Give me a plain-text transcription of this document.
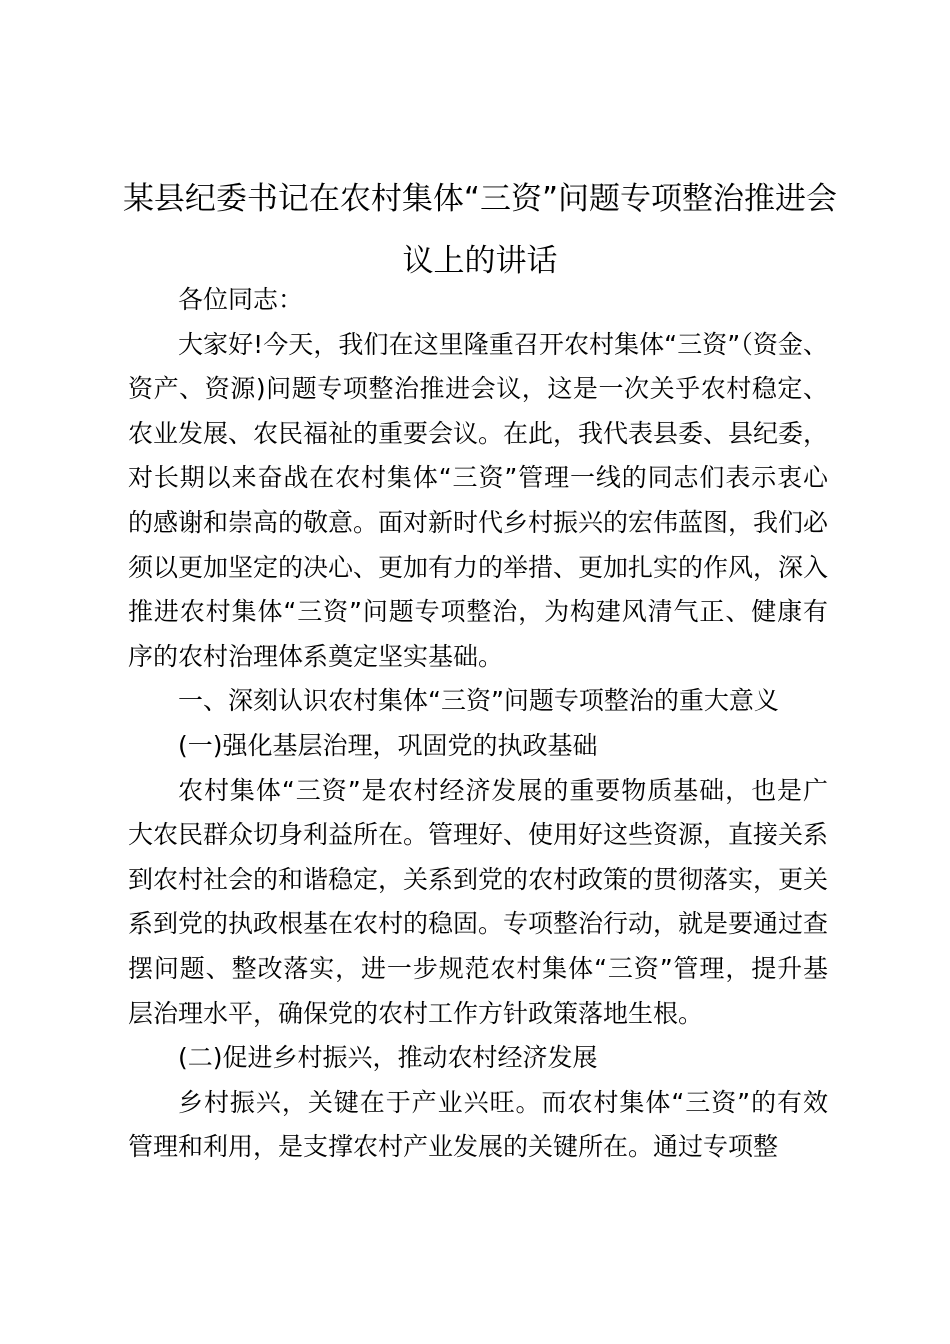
某县纪委书记在农村集体“三资”问题专项整治推进会议上的讲话

各位同志：

大家好!今天，我们在这里隆重召开农村集体“三资”（资金、资产、资源)问题专项整治推进会议，这是一次关乎农村稳定、农业发展、农民福祉的重要会议。在此，我代表县委、县纪委，对长期以来奋战在农村集体“三资”管理一线的同志们表示衷心的感谢和崇高的敬意。面对新时代乡村振兴的宏伟蓝图，我们必须以更加坚定的决心、更加有力的举措、更加扎实的作风，深入推进农村集体“三资”问题专项整治，为构建风清气正、健康有序的农村治理体系奠定坚实基础。

一、深刻认识农村集体“三资”问题专项整治的重大意义

(一)强化基层治理，巩固党的执政基础

农村集体“三资”是农村经济发展的重要物质基础，也是广大农民群众切身利益所在。管理好、使用好这些资源，直接关系到农村社会的和谐稳定，关系到党的农村政策的贯彻落实，更关系到党的执政根基在农村的稳固。专项整治行动，就是要通过查摆问题、整改落实，进一步规范农村集体“三资”管理，提升基层治理水平，确保党的农村工作方针政策落地生根。

(二)促进乡村振兴，推动农村经济发展

乡村振兴，关键在于产业兴旺。而农村集体“三资”的有效管理和利用，是支撑农村产业发展的关键所在。通过专项整
